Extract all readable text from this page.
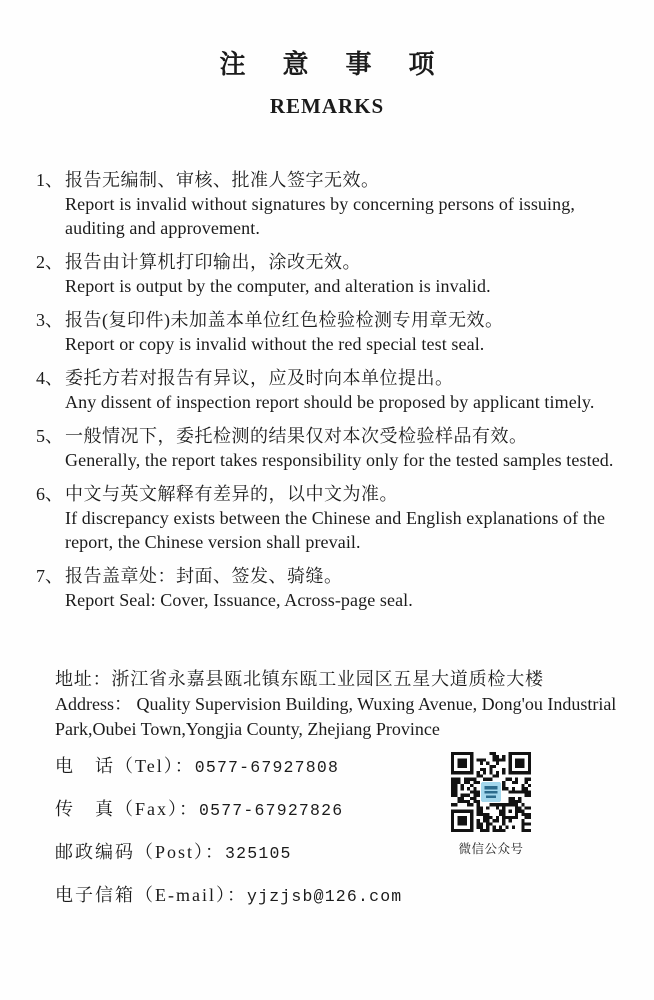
注意事项
REMARKS
1、 报告无编制、审核、批准人签字无效。
Report is invalid without signatures by concerning persons of issuing, auditing and approvement.
2、 报告由计算机打印输出，涂改无效。
Report is output by the computer, and alteration is invalid.
3、 报告(复印件)未加盖本单位红色检验检测专用章无效。
Report or copy is invalid without the red special test seal.
4、 委托方若对报告有异议，应及时向本单位提出。
Any dissent of inspection report should be proposed by applicant timely.
5、 一般情况下，委托检测的结果仅对本次受检验样品有效。
Generally, the report takes responsibility only for the tested samples tested.
6、 中文与英文解释有差异的，以中文为准。
If discrepancy exists between the Chinese and English explanations of the report, the Chinese version shall prevail.
7、 报告盖章处：封面、签发、骑缝。
Report Seal: Cover, Issuance, Across-page seal.
地址：浙江省永嘉县瓯北镇东瓯工业园区五星大道质检大楼
Address： Quality Supervision Building, Wuxing Avenue, Dong'ou Industrial Park,Oubei Town,Yongjia County, Zhejiang Province
电　话（Tel）：0577-67927808
传　真（Fax）：0577-67927826
邮政编码（Post）：325105
电子信箱（E-mail）：yjzjsb@126.com
微信公众号
